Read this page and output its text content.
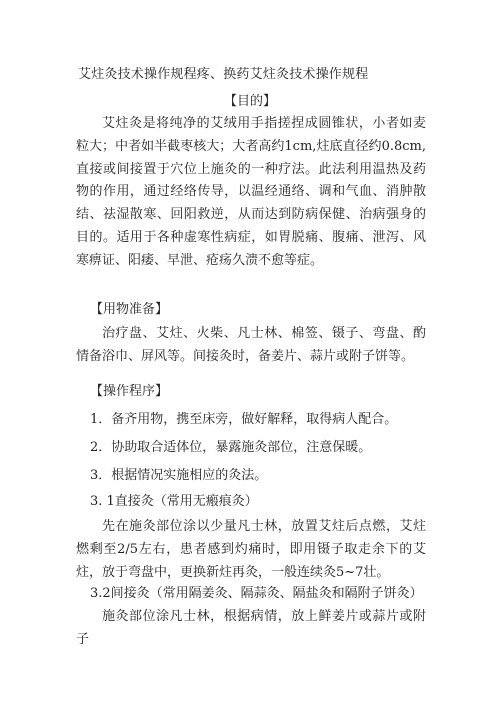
艾炷灸技术操作规程疼、换药艾炷灸技术操作规程
【目的】
艾炷灸是将纯净的艾绒用手指搓捏成圆锥状，小者如麦粒大；中者如半截枣核大；大者高约1cm,炷底直径约0.8cm,直接或间接置于穴位上施灸的一种疗法。此法利用温热及药物的作用，通过经络传导，以温经通络、调和气血、消肿散结、祛湿散寒、回阳救逆，从而达到防病保健、治病强身的目的。适用于各种虚寒性病症，如胃脱痛、腹痛、泄泻、风寒痹证、阳痿、早泄、疮疡久溃不愈等症。
【用物准备】
治疗盘、艾炷、火柴、凡士林、棉签、镊子、弯盘、酌情备浴巾、屏风等。间接灸时，备姜片、蒜片或附子饼等。
【操作程序】
1．备齐用物，携至床旁，做好解释，取得病人配合。
2．协助取合适体位，暴露施灸部位，注意保暖。
3．根据情况实施相应的灸法。
3. 1直接灸（常用无瘢痕灸）
先在施灸部位涂以少量凡士林，放置艾炷后点燃，艾炷燃剩至2/5左右，患者感到灼痛时，即用镊子取走余下的艾炷，放于弯盘中，更换新炷再灸，一般连续灸5~7壮。
3.2间接灸（常用隔姜灸、隔蒜灸、隔盐灸和隔附子饼灸）
施灸部位涂凡士林，根据病情，放上鲜姜片或蒜片或附子
